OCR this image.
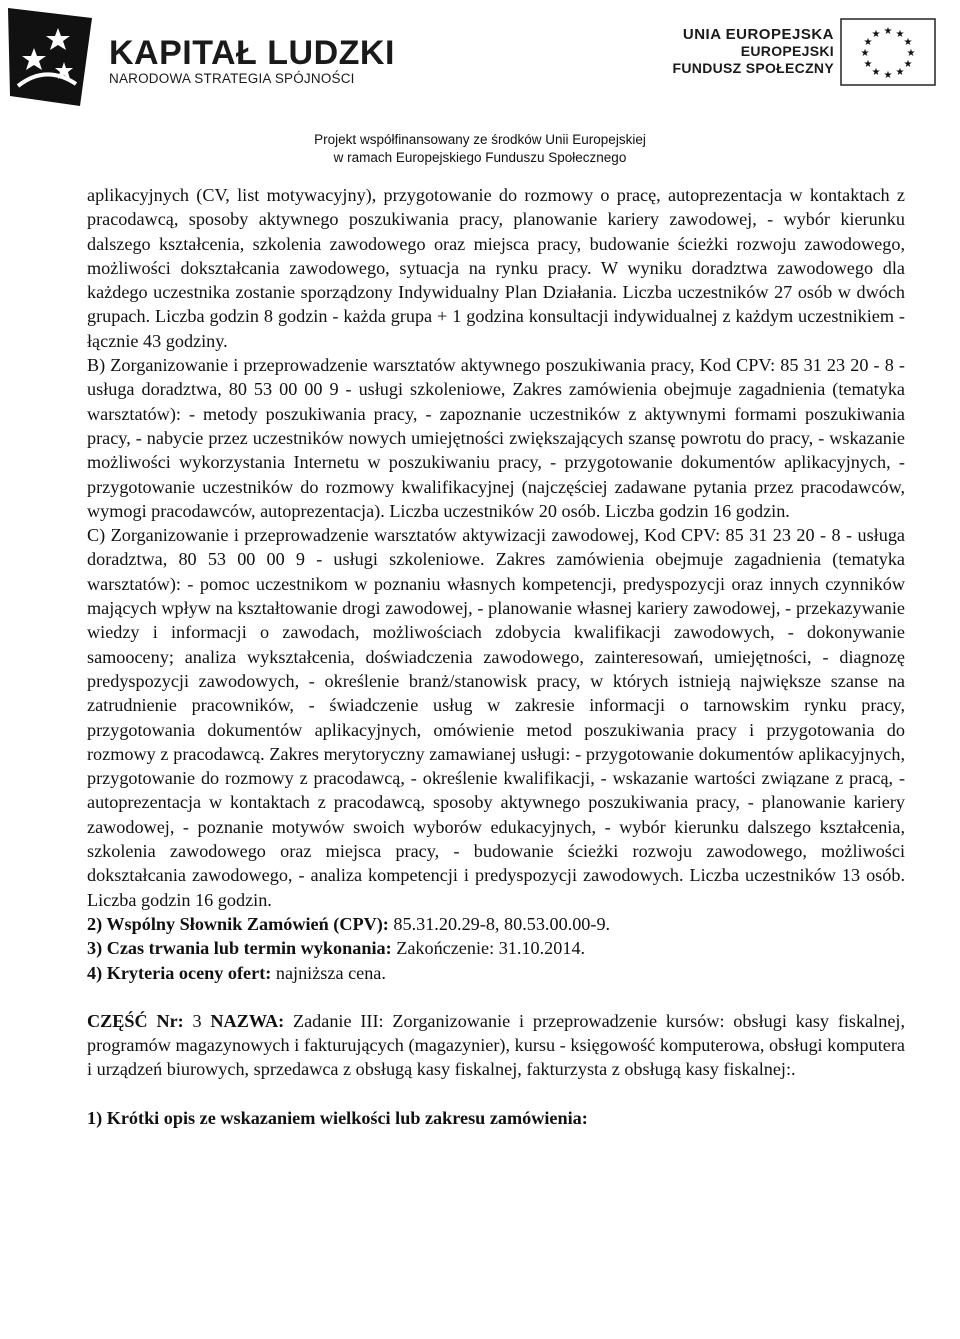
KAPITAŁ LUDZKI
NARODOWA STRATEGIA SPÓJNOŚCI
UNIA EUROPEJSKA
EUROPEJSKI
FUNDUSZ SPOŁECZNY
★ ★
★
★
★
★
★
★
★
★
★
★
Projekt współfinansowany ze środków Unii Europejskiej
w ramach Europejskiego Funduszu Społecznego

aplikacyjnych (CV, list motywacyjny), przygotowanie do rozmowy o pracę, autoprezentacja w kontaktach z pracodawcą, sposoby aktywnego poszukiwania pracy, planowanie kariery zawodowej, - wybór kierunku dalszego kształcenia, szkolenia zawodowego oraz miejsca pracy, budowanie ścieżki rozwoju zawodowego, możliwości dokształcania zawodowego, sytuacja na rynku pracy. W wyniku doradztwa zawodowego dla każdego uczestnika zostanie sporządzony Indywidualny Plan Działania. Liczba uczestników 27 osób w dwóch grupach. Liczba godzin 8 godzin - każda grupa + 1 godzina konsultacji indywidualnej z każdym uczestnikiem - łącznie 43 godziny.

B) Zorganizowanie i przeprowadzenie warsztatów aktywnego poszukiwania pracy, Kod CPV: 85 31 23 20 - 8 - usługa doradztwa, 80 53 00 00 9 - usługi szkoleniowe, Zakres zamówienia obejmuje zagadnienia (tematyka warsztatów): - metody poszukiwania pracy, - zapoznanie uczestników z aktywnymi formami poszukiwania pracy, - nabycie przez uczestników nowych umiejętności zwiększających szansę powrotu do pracy, - wskazanie możliwości wykorzystania Internetu w poszukiwaniu pracy, - przygotowanie dokumentów aplikacyjnych, - przygotowanie uczestników do rozmowy kwalifikacyjnej (najczęściej zadawane pytania przez pracodawców, wymogi pracodawców, autoprezentacja). Liczba uczestników 20 osób. Liczba godzin 16 godzin.

C) Zorganizowanie i przeprowadzenie warsztatów aktywizacji zawodowej, Kod CPV: 85 31 23 20 - 8 - usługa doradztwa, 80 53 00 00 9 - usługi szkoleniowe. Zakres zamówienia obejmuje zagadnienia (tematyka warsztatów): - pomoc uczestnikom w poznaniu własnych kompetencji, predyspozycji oraz innych czynników mających wpływ na kształtowanie drogi zawodowej, - planowanie własnej kariery zawodowej, - przekazywanie wiedzy i informacji o zawodach, możliwościach zdobycia kwalifikacji zawodowych, - dokonywanie samooceny; analiza wykształcenia, doświadczenia zawodowego, zainteresowań, umiejętności, - diagnozę predyspozycji zawodowych, - określenie branż/stanowisk pracy, w których istnieją największe szanse na zatrudnienie pracowników, - świadczenie usług w zakresie informacji o tarnowskim rynku pracy, przygotowania dokumentów aplikacyjnych, omówienie metod poszukiwania pracy i przygotowania do rozmowy z pracodawcą. Zakres merytoryczny zamawianej usługi: - przygotowanie dokumentów aplikacyjnych, przygotowanie do rozmowy z pracodawcą, - określenie kwalifikacji, - wskazanie wartości związane z pracą, - autoprezentacja w kontaktach z pracodawcą, sposoby aktywnego poszukiwania pracy, - planowanie kariery zawodowej, - poznanie motywów swoich wyborów edukacyjnych, - wybór kierunku dalszego kształcenia, szkolenia zawodowego oraz miejsca pracy, - budowanie ścieżki rozwoju zawodowego, możliwości dokształcania zawodowego, - analiza kompetencji i predyspozycji zawodowych. Liczba uczestników 13 osób. Liczba godzin 16 godzin.

2) Wspólny Słownik Zamówień (CPV): 85.31.20.29-8, 80.53.00.00-9.

3) Czas trwania lub termin wykonania: Zakończenie: 31.10.2014.

4) Kryteria oceny ofert: najniższa cena.

CZĘŚĆ Nr: 3 NAZWA: Zadanie III: Zorganizowanie i przeprowadzenie kursów: obsługi kasy fiskalnej, programów magazynowych i fakturujących (magazynier), kursu - księgowość komputerowa, obsługi komputera i urządzeń biurowych, sprzedawca z obsługą kasy fiskalnej, fakturzysta z obsługą kasy fiskalnej:.

1) Krótki opis ze wskazaniem wielkości lub zakresu zamówienia:
